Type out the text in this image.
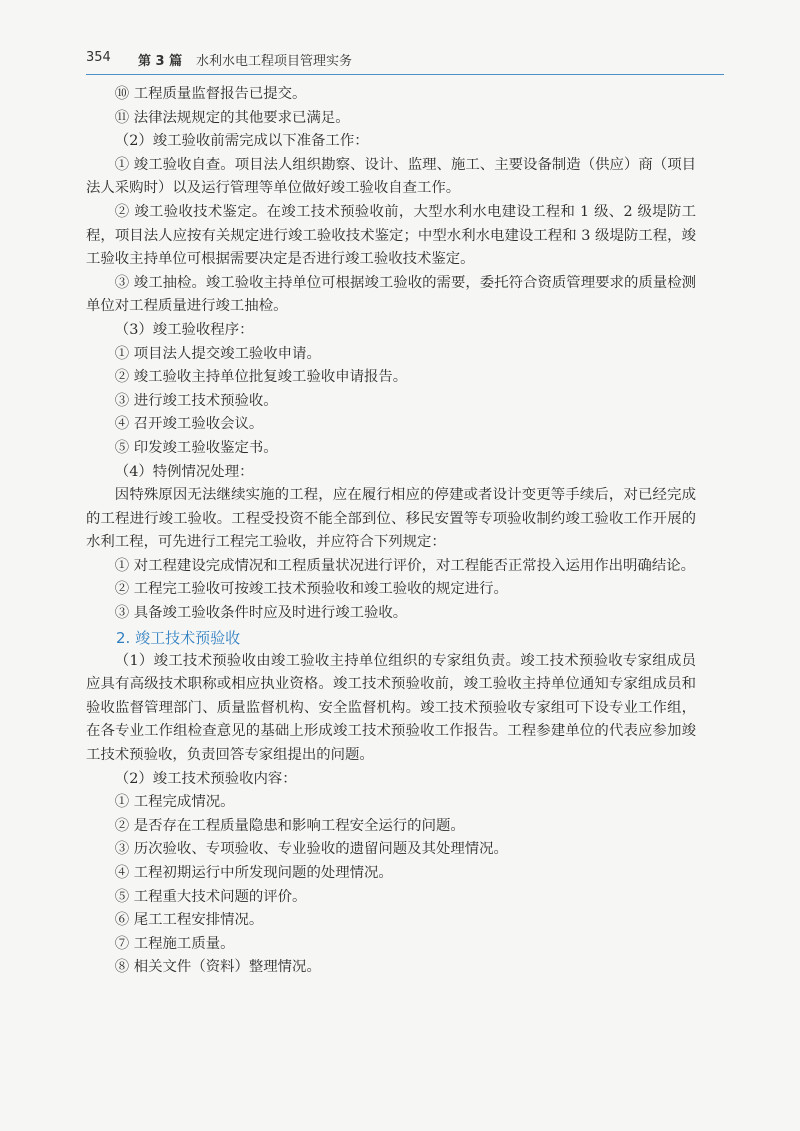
354 第 3 篇 水利水电工程项目管理实务

⑩ 工程质量监督报告已提交。

⑪ 法律法规规定的其他要求已满足。

（2）竣工验收前需完成以下准备工作：

① 竣工验收自查。项目法人组织勘察、设计、监理、施工、主要设备制造（供应）商（项目法人采购时）以及运行管理等单位做好竣工验收自查工作。

② 竣工验收技术鉴定。在竣工技术预验收前，大型水利水电建设工程和 1 级、2 级堤防工程，项目法人应按有关规定进行竣工验收技术鉴定；中型水利水电建设工程和 3 级堤防工程，竣工验收主持单位可根据需要决定是否进行竣工验收技术鉴定。

③ 竣工抽检。竣工验收主持单位可根据竣工验收的需要，委托符合资质管理要求的质量检测单位对工程质量进行竣工抽检。

（3）竣工验收程序：

① 项目法人提交竣工验收申请。

② 竣工验收主持单位批复竣工验收申请报告。

③ 进行竣工技术预验收。

④ 召开竣工验收会议。

⑤ 印发竣工验收鉴定书。

（4）特例情况处理：

因特殊原因无法继续实施的工程，应在履行相应的停建或者设计变更等手续后，对已经完成的工程进行竣工验收。工程受投资不能全部到位、移民安置等专项验收制约竣工验收工作开展的水利工程，可先进行工程完工验收，并应符合下列规定：

① 对工程建设完成情况和工程质量状况进行评价，对工程能否正常投入运用作出明确结论。

② 工程完工验收可按竣工技术预验收和竣工验收的规定进行。

③ 具备竣工验收条件时应及时进行竣工验收。

2. 竣工技术预验收

（1）竣工技术预验收由竣工验收主持单位组织的专家组负责。竣工技术预验收专家组成员应具有高级技术职称或相应执业资格。竣工技术预验收前，竣工验收主持单位通知专家组成员和验收监督管理部门、质量监督机构、安全监督机构。竣工技术预验收专家组可下设专业工作组，在各专业工作组检查意见的基础上形成竣工技术预验收工作报告。工程参建单位的代表应参加竣工技术预验收，负责回答专家组提出的问题。

（2）竣工技术预验收内容：

① 工程完成情况。

② 是否存在工程质量隐患和影响工程安全运行的问题。

③ 历次验收、专项验收、专业验收的遗留问题及其处理情况。

④ 工程初期运行中所发现问题的处理情况。

⑤ 工程重大技术问题的评价。

⑥ 尾工工程安排情况。

⑦ 工程施工质量。

⑧ 相关文件（资料）整理情况。
